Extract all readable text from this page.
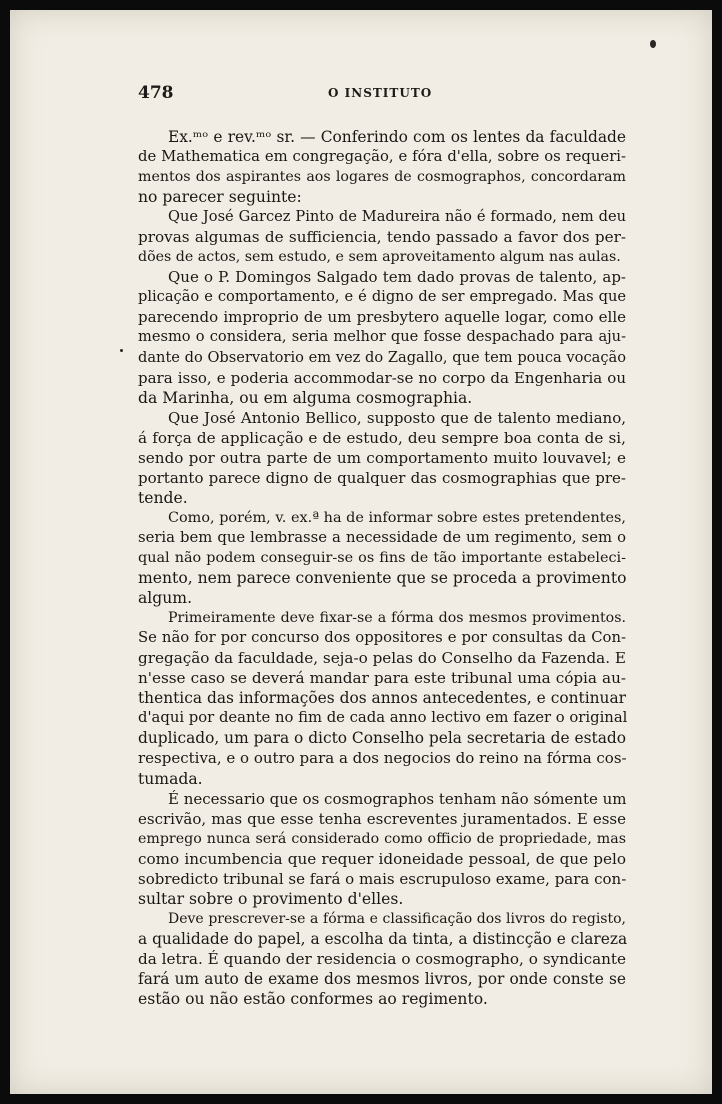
478	O INSTITUTO
Ex.ᵐᵒ e rev.ᵐᵒ sr. — Conferindo com os lentes da faculdade
de Mathematica em congregação, e fóra d'ella, sobre os requeri-
mentos dos aspirantes aos logares de cosmographos, concordaram
no parecer seguinte:
Que José Garcez Pinto de Madureira não é formado, nem deu
provas algumas de sufficiencia, tendo passado a favor dos per-
dões de actos, sem estudo, e sem aproveitamento algum nas aulas.
Que o P. Domingos Salgado tem dado provas de talento, ap-
plicação e comportamento, e é digno de ser empregado. Mas que
parecendo improprio de um presbytero aquelle logar, como elle
mesmo o considera, seria melhor que fosse despachado para aju-
dante do Observatorio em vez do Zagallo, que tem pouca vocação
para isso, e poderia accommodar-se no corpo da Engenharia ou
da Marinha, ou em alguma cosmographia.
Que José Antonio Bellico, supposto que de talento mediano,
á força de applicação e de estudo, deu sempre boa conta de si,
sendo por outra parte de um comportamento muito louvavel; e
portanto parece digno de qualquer das cosmographias que pre-
tende.
Como, porém, v. ex.ª ha de informar sobre estes pretendentes,
seria bem que lembrasse a necessidade de um regimento, sem o
qual não podem conseguir-se os fins de tão importante estabeleci-
mento, nem parece conveniente que se proceda a provimento
algum.
Primeiramente deve fixar-se a fórma dos mesmos provimentos.
Se não for por concurso dos oppositores e por consultas da Con-
gregação da faculdade, seja-o pelas do Conselho da Fazenda. E
n'esse caso se deverá mandar para este tribunal uma cópia au-
thentica das informações dos annos antecedentes, e continuar
d'aqui por deante no fim de cada anno lectivo em fazer o original
duplicado, um para o dicto Conselho pela secretaria de estado
respectiva, e o outro para a dos negocios do reino na fórma cos-
tumada.
É necessario que os cosmographos tenham não sómente um
escrivão, mas que esse tenha escreventes juramentados. E esse
emprego nunca será considerado como officio de propriedade, mas
como incumbencia que requer idoneidade pessoal, de que pelo
sobredicto tribunal se fará o mais escrupuloso exame, para con-
sultar sobre o provimento d'elles.
Deve prescrever-se a fórma e classificação dos livros do registo,
a qualidade do papel, a escolha da tinta, a distincção e clareza
da letra. É quando der residencia o cosmographo, o syndicante
fará um auto de exame dos mesmos livros, por onde conste se
estão ou não estão conformes ao regimento.
